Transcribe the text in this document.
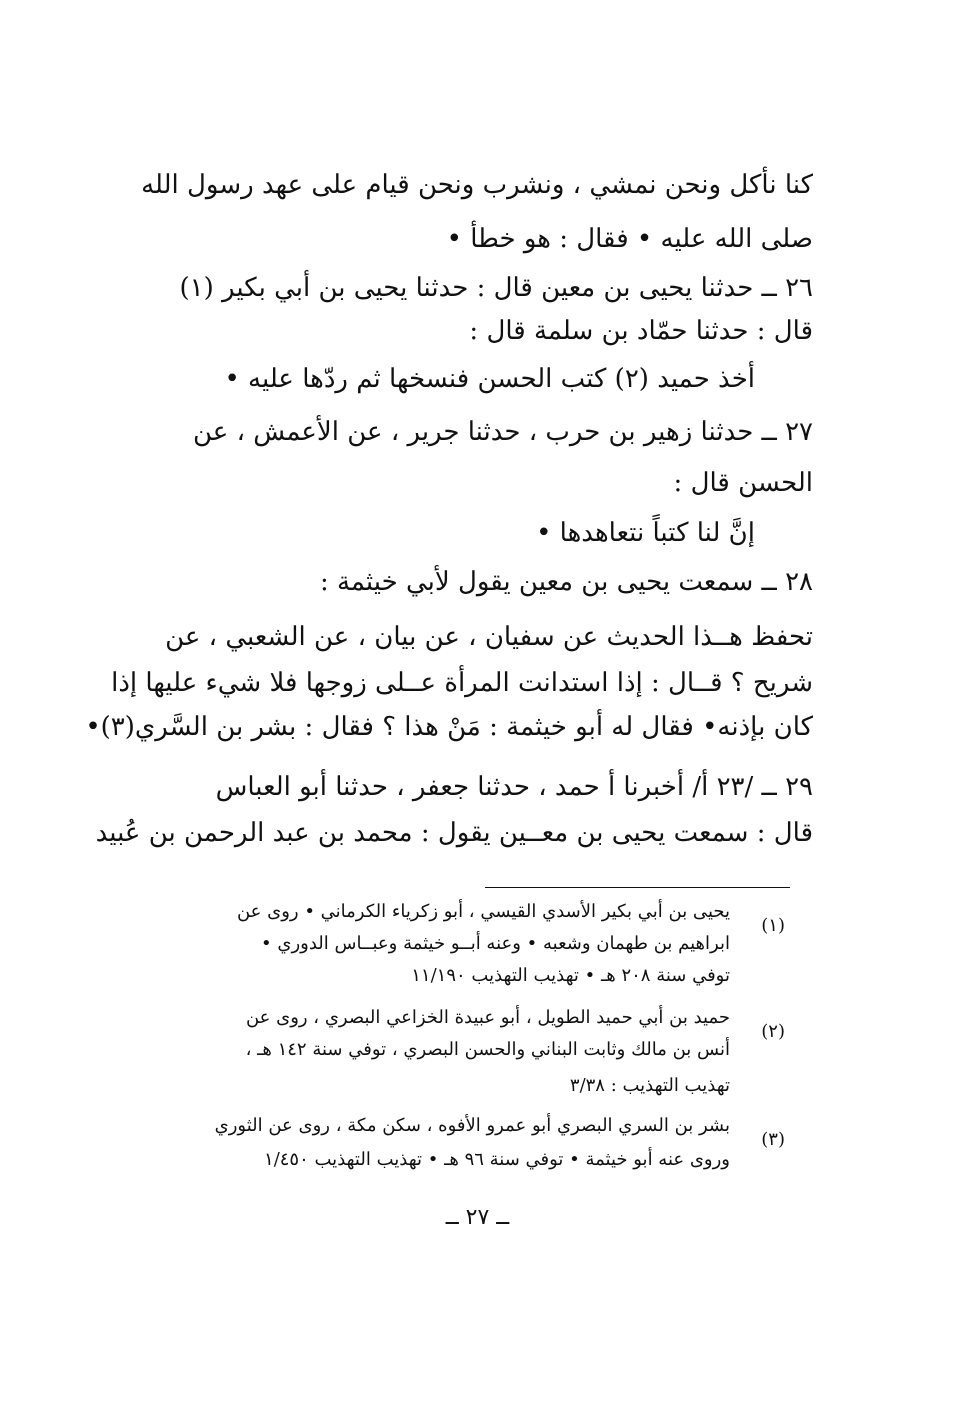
كنا نأكل ونحن نمشي ، ونشرب ونحن قيام على عهد رسول الله
صلى الله عليه • فقال : هو خطأ •
٢٦ ــ حدثنا يحيى بن معين قال : حدثنا يحيى بن أبي بكير (١)
قال : حدثنا حمّاد بن سلمة قال :
أخذ حميد (٢) كتب الحسن فنسخها ثم ردّها عليه •
٢٧ ــ حدثنا زهير بن حرب ، حدثنا جرير ، عن الأعمش ، عن
الحسن قال :
إنَّ لنا كتباً نتعاهدها •
٢٨ ــ سمعت يحيى بن معين يقول لأبي خيثمة :
تحفظ هــذا الحديث عن سفيان ، عن بيان ، عن الشعبي ، عن
شريح ؟ قــال : إذا استدانت المرأة عــلى زوجها فلا شيء عليها إذا
كان بإذنه• فقال له أبو خيثمة : مَنْ هذا ؟ فقال : بشر بن السَّري(٣)•
٢٩ ــ /٢٣ أ/ أخبرنا أ حمد ، حدثنا جعفر ، حدثنا أبو العباس
قال : سمعت يحيى بن معــين يقول : محمد بن عبد الرحمن بن عُبيد
(١)
يحيى بن أبي بكير الأسدي القيسي ، أبو زكرياء الكرماني • روى عن
ابراهيم بن طهمان وشعبه • وعنه أبــو خيثمة وعبــاس الدوري •
توفي سنة ٢٠٨ هـ • تهذيب التهذيب ١١/١٩٠
(٢)
حميد بن أبي حميد الطويل ، أبو عبيدة الخزاعي البصري ، روى عن
أنس بن مالك وثابت البناني والحسن البصري ، توفي سنة ١٤٢ هـ ،
تهذيب التهذيب : ٣/٣٨
(٣)
بشر بن السري البصري أبو عمرو الأفوه ، سكن مكة ، روى عن الثوري
وروى عنه أبو خيثمة • توفي سنة ٩٦ هـ • تهذيب التهذيب ١/٤٥٠
ــ ٢٧ ــ
